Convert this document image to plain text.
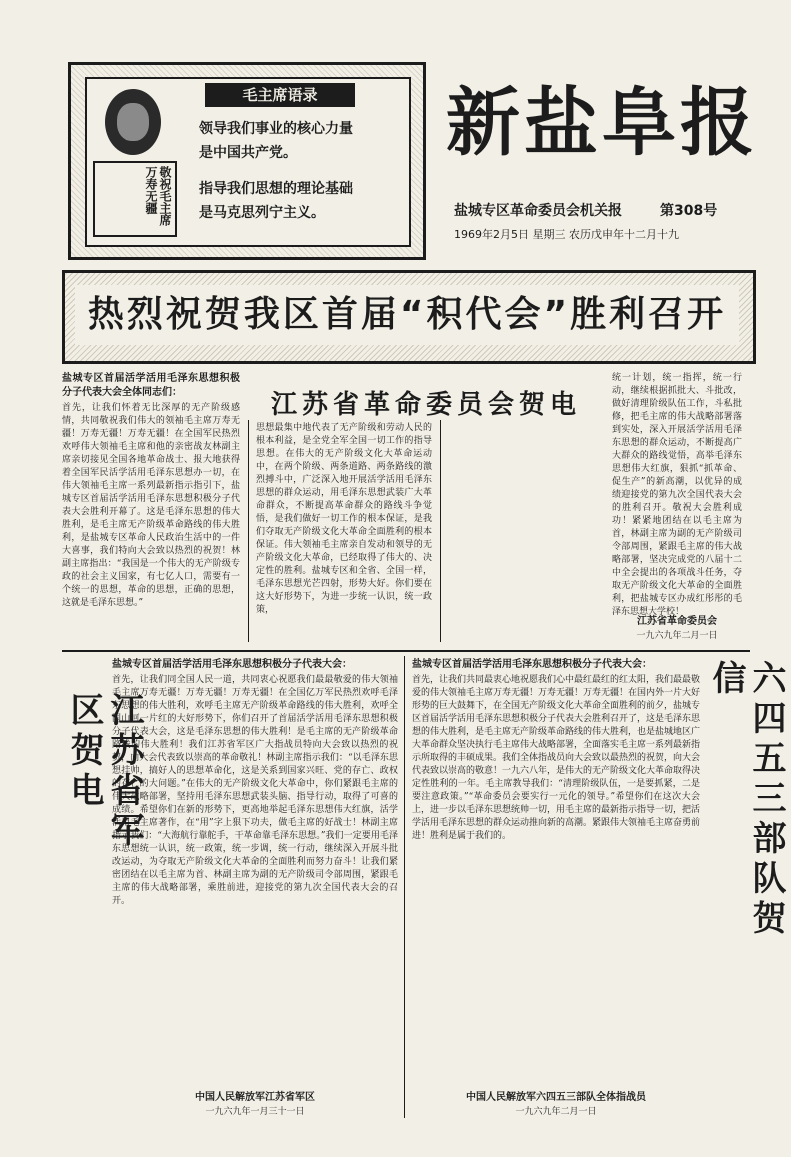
敬祝毛主席万寿无疆
毛主席语录
领导我们事业的核心力量
是中国共产党。
指导我们思想的理论基础
是马克思列宁主义。
新盐阜报
盐城专区革命委员会机关报	第308号
1969年2月5日 星期三 农历戊申年十二月十九
热烈祝贺我区首届“积代会”胜利召开
盐城专区首届活学活用毛泽东思想积极分子代表大会全体同志们：	江苏省革命委员会贺电
首先，让我们怀着无比深厚的无产阶级感情，共同敬祝我们伟大的领袖毛主席万寿无疆！万寿无疆！万寿无疆！在全国军民热烈欢呼伟大领袖毛主席和他的亲密战友林副主席亲切接见全国各地革命战士、报大地获得着全国军民活学活用毛泽东思想办一切，在伟大领袖毛主席一系列最新指示指引下，盐城专区首届活学活用毛泽东思想积极分子代表大会胜利开幕了。这是毛泽东思想的伟大胜利，是毛主席无产阶级革命路线的伟大胜利，是盐城专区革命人民政治生活中的一件大喜事，我们特向大会致以热烈的祝贺！林副主席指出：“我国是一个伟大的无产阶级专政的社会主义国家，有七亿人口，需要有一个统一的思想，革命的思想，正确的思想，这就是毛泽东思想。”
思想最集中地代表了无产阶级和劳动人民的根本利益，是全党全军全国一切工作的指导思想。在伟大的无产阶级文化大革命运动中，在两个阶级、两条道路、两条路线的激烈搏斗中，广泛深入地开展活学活用毛泽东思想的群众运动，用毛泽东思想武装广大革命群众，不断提高革命群众的路线斗争觉悟，是我们做好一切工作的根本保证，是我们夺取无产阶级文化大革命全面胜利的根本保证。伟大领袖毛主席亲自发动和领导的无产阶级文化大革命，已经取得了伟大的、决定性的胜利。盐城专区和全省、全国一样，毛泽东思想光芒四射，形势大好。你们要在这大好形势下，为进一步统一认识，统一政策，
统一计划，统一指挥，统一行动，继续根据抓批大、斗批改，做好清理阶级队伍工作，斗私批修，把毛主席的伟大战略部署落到实处，深入开展活学活用毛泽东思想的群众运动，不断提高广大群众的路线觉悟，高举毛泽东思想伟大红旗，狠抓“抓革命、促生产”的新高潮，以优异的成绩迎接党的第九次全国代表大会的胜利召开。敬祝大会胜利成功！紧紧地团结在以毛主席为首，林副主席为副的无产阶级司令部周围，紧跟毛主席的伟大战略部署，坚决完成党的八届十二中全会提出的各项战斗任务，夺取无产阶级文化大革命的全面胜利，把盐城专区办成红彤彤的毛泽东思想大学校！
江苏省革命委员会
一九六九年二月一日
江苏省军区贺电
盐城专区首届活学活用毛泽东思想积极分子代表大会：
首先，让我们同全国人民一道，共同衷心祝愿我们最最敬爱的伟大领袖毛主席万寿无疆！万寿无疆！万寿无疆！在全国亿万军民热烈欢呼毛泽东思想的伟大胜利，欢呼毛主席无产阶级革命路线的伟大胜利，欢呼全国山河一片红的大好形势下，你们召开了首届活学活用毛泽东思想积极分子代表大会，这是毛泽东思想的伟大胜利！是毛主席的无产阶级革命路线的伟大胜利！我们江苏省军区广大指战员特向大会致以热烈的祝贺，向大会代表致以崇高的革命敬礼！林副主席指示我们：“以毛泽东思想挂帅，搞好人的思想革命化，这是关系到国家兴旺、党的存亡、政权的存亡的大问题。”在伟大的无产阶级文化大革命中，你们紧跟毛主席的伟大战略部署，坚持用毛泽东思想武装头脑、指导行动，取得了可喜的成绩。希望你们在新的形势下，更高地举起毛泽东思想伟大红旗，活学活用毛主席著作，在“用”字上狠下功夫，做毛主席的好战士！林副主席指示我们：“大海航行靠舵手，干革命靠毛泽东思想。”我们一定要用毛泽东思想统一认识，统一政策，统一步调，统一行动，继续深入开展斗批改运动，为夺取无产阶级文化大革命的全面胜利而努力奋斗！让我们紧密团结在以毛主席为首、林副主席为副的无产阶级司令部周围，紧跟毛主席的伟大战略部署，乘胜前进，迎接党的第九次全国代表大会的召开。
中国人民解放军江苏省军区
一九六九年一月三十一日
盐城专区首届活学活用毛泽东思想积极分子代表大会：
首先，让我们共同最衷心地祝愿我们心中最红最红的红太阳，我们最最敬爱的伟大领袖毛主席万寿无疆！万寿无疆！万寿无疆！在国内外一片大好形势的巨大鼓舞下，在全国无产阶级文化大革命全面胜利的前夕，盐城专区首届活学活用毛泽东思想积极分子代表大会胜利召开了，这是毛泽东思想的伟大胜利，是毛主席无产阶级革命路线的伟大胜利，也是盐城地区广大革命群众坚决执行毛主席伟大战略部署，全面落实毛主席一系列最新指示所取得的丰硕成果。我们全体指战员向大会致以最热烈的祝贺，向大会代表致以崇高的敬意！一九六八年，是伟大的无产阶级文化大革命取得决定性胜利的一年。毛主席教导我们：“清理阶级队伍，一是要抓紧，二是要注意政策。”“革命委员会要实行一元化的领导。”希望你们在这次大会上，进一步以毛泽东思想统帅一切，用毛主席的最新指示指导一切，把活学活用毛泽东思想的群众运动推向新的高潮。紧跟伟大领袖毛主席奋勇前进！胜利是属于我们的。	六四五三部队贺信
中国人民解放军六四五三部队全体指战员
一九六九年二月一日
